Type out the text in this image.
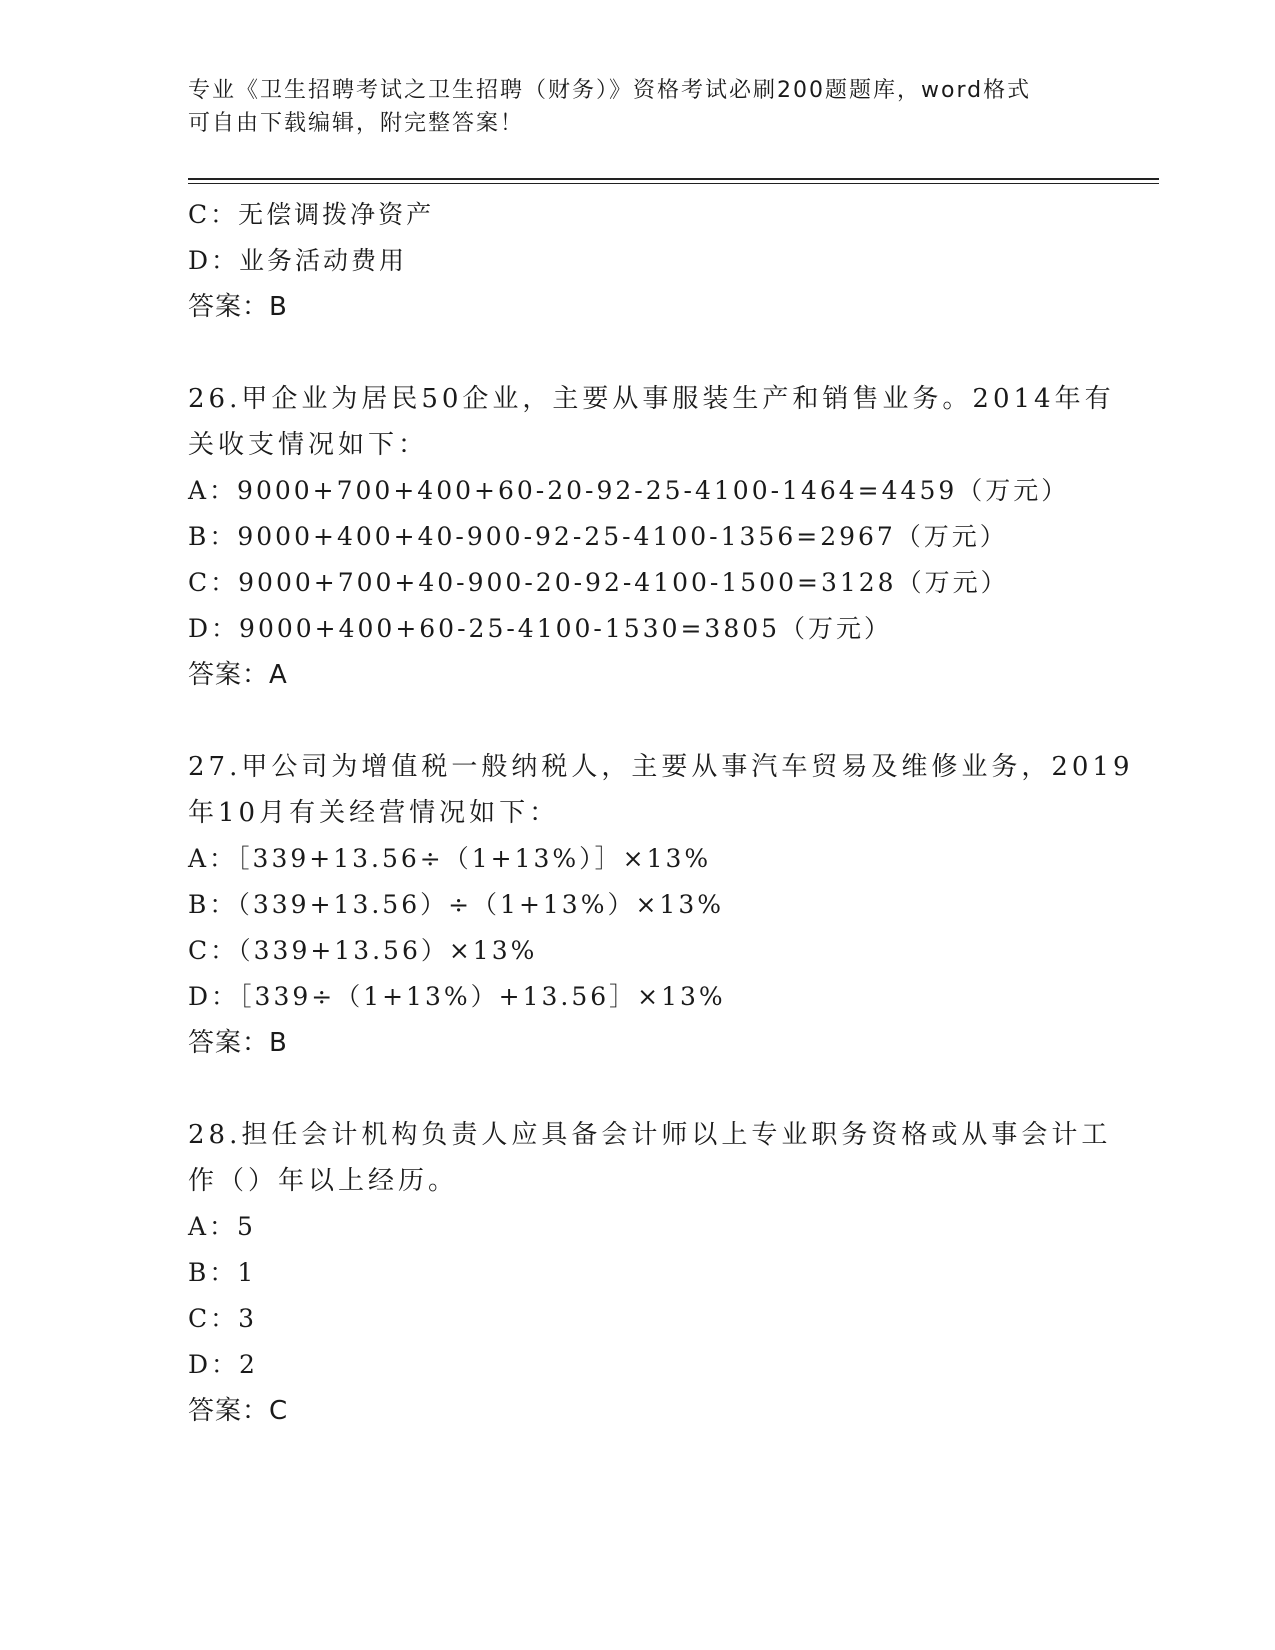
专业《卫生招聘考试之卫生招聘（财务）》资格考试必刷200题题库，word格式
可自由下载编辑，附完整答案！
C：无偿调拨净资产
D：业务活动费用
答案：B
26.甲企业为居民50企业，主要从事服装生产和销售业务。2014年有
关收支情况如下：
A：9000+700+400+60-20-92-25-4100-1464=4459（万元）
B：9000+400+40-900-92-25-4100-1356=2967（万元）
C：9000+700+40-900-20-92-4100-1500=3128（万元）
D：9000+400+60-25-4100-1530=3805（万元）
答案：A
27.甲公司为增值税一般纳税人，主要从事汽车贸易及维修业务，2019
年10月有关经营情况如下：
A：［339+13.56÷（1+13%）］×13%
B：（339+13.56）÷（1+13%）×13%
C：（339+13.56）×13%
D：［339÷（1+13%）+13.56］×13%
答案：B
28.担任会计机构负责人应具备会计师以上专业职务资格或从事会计工
作（）年以上经历。
A：5
B：1
C：3
D：2
答案：C
